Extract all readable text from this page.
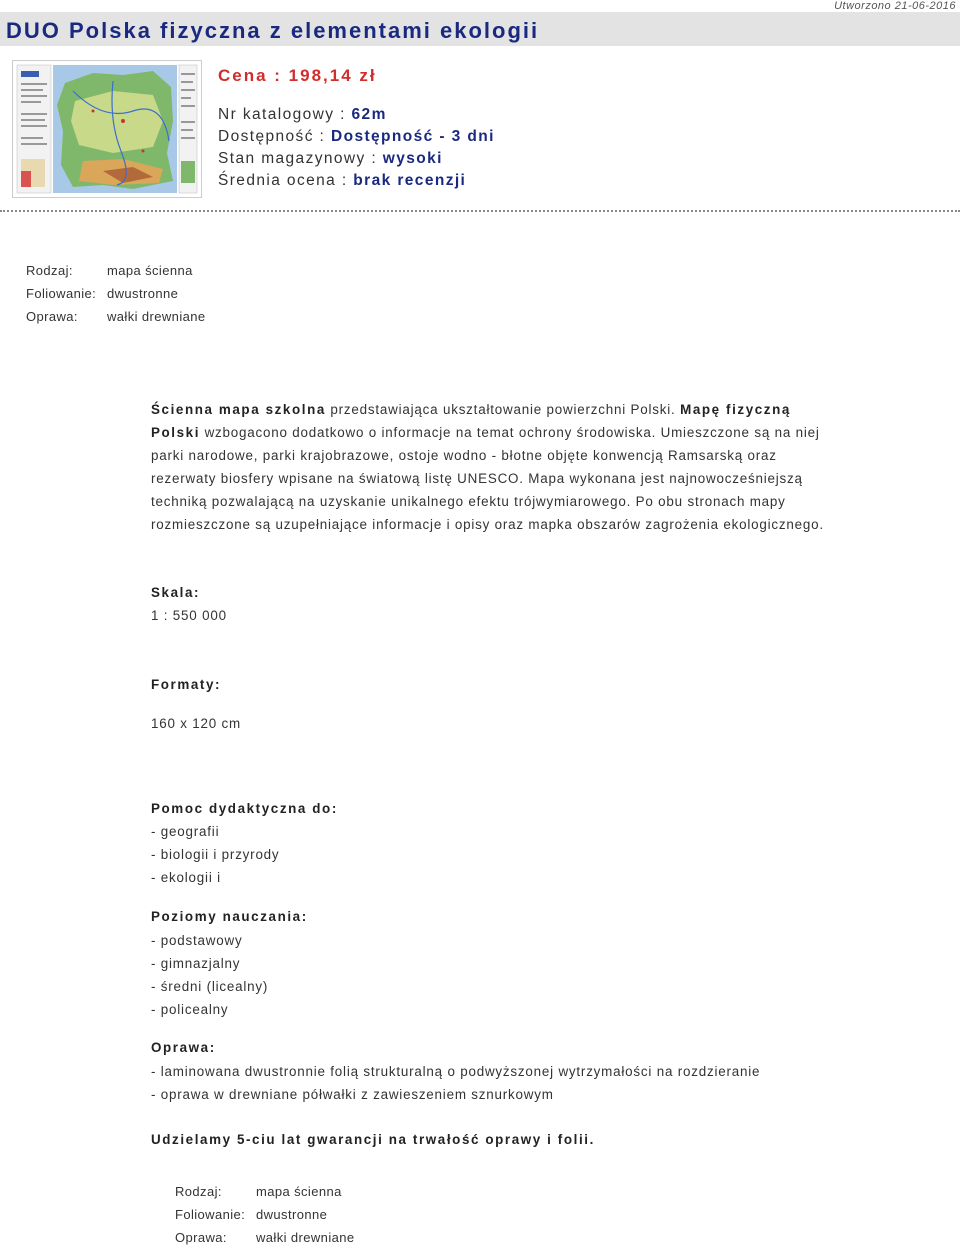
Utworzono 21-06-2016
DUO Polska fizyczna z elementami ekologii
Cena : 198,14 zł
Nr katalogowy : 62m
Dostępność : Dostępność - 3 dni
Stan magazynowy : wysoki
Średnia ocena : brak recenzji
Rodzaj:	mapa ścienna
Foliowanie: dwustronne
Oprawa: wałki drewniane
Ścienna mapa szkolna przedstawiająca ukształtowanie powierzchni Polski. Mapę fizyczną Polski wzbogacono dodatkowo o informacje na temat ochrony środowiska. Umieszczone są na niej parki narodowe, parki krajobrazowe, ostoje wodno - błotne objęte konwencją Ramsarską oraz rezerwaty biosfery wpisane na światową listę UNESCO. Mapa wykonana jest najnowocześniejszą techniką pozwalającą na uzyskanie unikalnego efektu trójwymiarowego. Po obu stronach mapy rozmieszczone są uzupełniające informacje i opisy oraz mapka obszarów zagrożenia ekologicznego.
Skala:
1 : 550 000
Formaty:
160 x 120 cm
Pomoc dydaktyczna do:
- geografii
- biologii i przyrody
- ekologii i
Poziomy nauczania:
- podstawowy
- gimnazjalny
- średni (licealny)
- policealny
Oprawa:
- laminowana dwustronnie folią strukturalną o podwyższonej wytrzymałości na rozdzieranie
- oprawa w drewniane półwałki z zawieszeniem sznurkowym
Udzielamy 5-ciu lat gwarancji na trwałość oprawy i folii.
Rodzaj:	mapa ścienna
Foliowanie: dwustronne
Oprawa: wałki drewniane
